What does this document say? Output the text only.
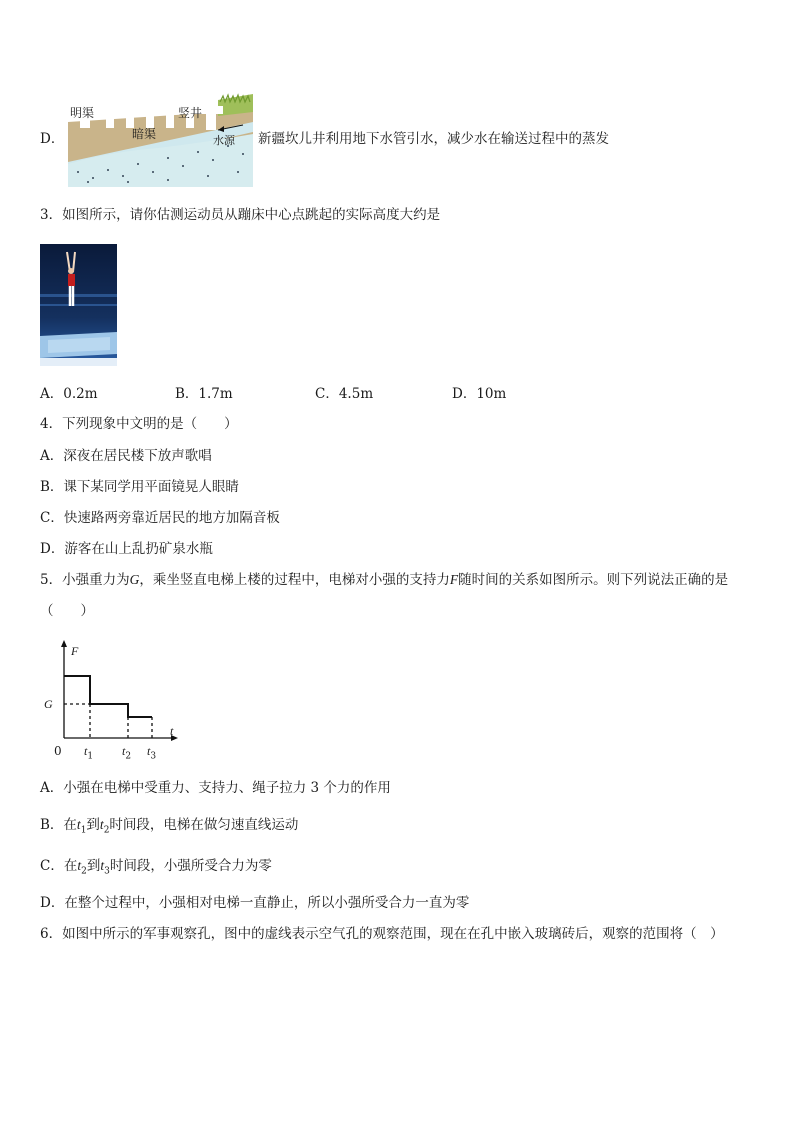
D．
明渠	竖井
暗渠	水源 新疆坎儿井利用地下水管引水，减少水在输送过程中的蒸发
3．如图所示，请你估测运动员从蹦床中心点跳起的实际高度大约是
A．0.2m	B．1.7m	C．4.5m	D．10m
4．下列现象中文明的是（　　）
A．深夜在居民楼下放声歌唱
B．课下某同学用平面镜晃人眼睛
C．快速路两旁靠近居民的地方加隔音板
D．游客在山上乱扔矿泉水瓶
5．小强重力为G，乘坐竖直电梯上楼的过程中，电梯对小强的支持力F随时间的关系如图所示。则下列说法正确的是
（　　）
F
t
G
0 $t_1$ $t_2$ $t_3$
A．小强在电梯中受重力、支持力、绳子拉力 3 个力的作用
B．在$t_1$到$t_2$时间段，电梯在做匀速直线运动
C．在$t_2$到$t_3$时间段，小强所受合力为零
D．在整个过程中，小强相对电梯一直静止，所以小强所受合力一直为零
6．如图中所示的军事观察孔，图中的虚线表示空气孔的观察范围，现在在孔中嵌入玻璃砖后，观察的范围将（　）
